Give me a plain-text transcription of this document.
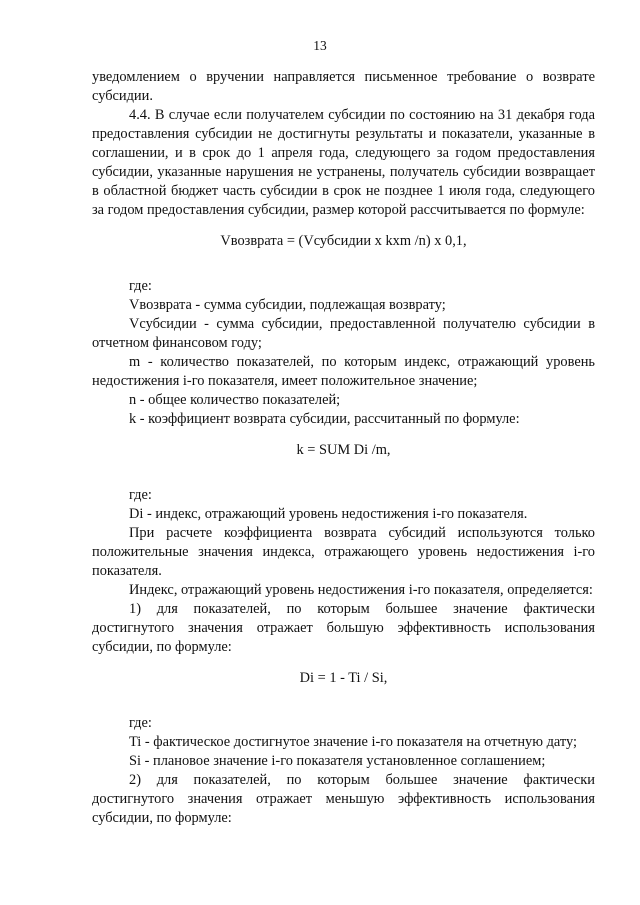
13

уведомлением о вручении направляется письменное требование о возврате субсидии.

4.4. В случае если получателем субсидии по состоянию на 31 декабря года предоставления субсидии не достигнуты результаты и показатели, указанные в соглашении, и в срок до 1 апреля года, следующего за годом предоставления субсидии, указанные нарушения не устранены, получатель субсидии возвращает в областной бюджет часть субсидии в срок не позднее 1 июля года, следующего за годом предоставления субсидии, размер которой рассчитывается по формуле:

Vвозврата = (Vсубсидии x kxm /n) x 0,1,

где:

Vвозврата - сумма субсидии, подлежащая возврату;

Vсубсидии - сумма субсидии, предоставленной получателю субсидии в отчетном финансовом году;

m - количество показателей, по которым индекс, отражающий уровень недостижения i-го показателя, имеет положительное значение;

n - общее количество показателей;

k - коэффициент возврата субсидии, рассчитанный по формуле:

k = SUM Di /m,

где:

Di - индекс, отражающий уровень недостижения i-го показателя.

При расчете коэффициента возврата субсидий используются только положительные значения индекса, отражающего уровень недостижения i-го показателя.

Индекс, отражающий уровень недостижения i-го показателя, определяется:

1) для показателей, по которым большее значение фактически достигнутого значения отражает большую эффективность использования субсидии, по формуле:

Di = 1 - Ti / Si,

где:

Ti - фактическое достигнутое значение i-го показателя на отчетную дату;

Si - плановое значение i-го показателя установленное соглашением;

2) для показателей, по которым большее значение фактически достигнутого значения отражает меньшую эффективность использования субсидии, по формуле:
